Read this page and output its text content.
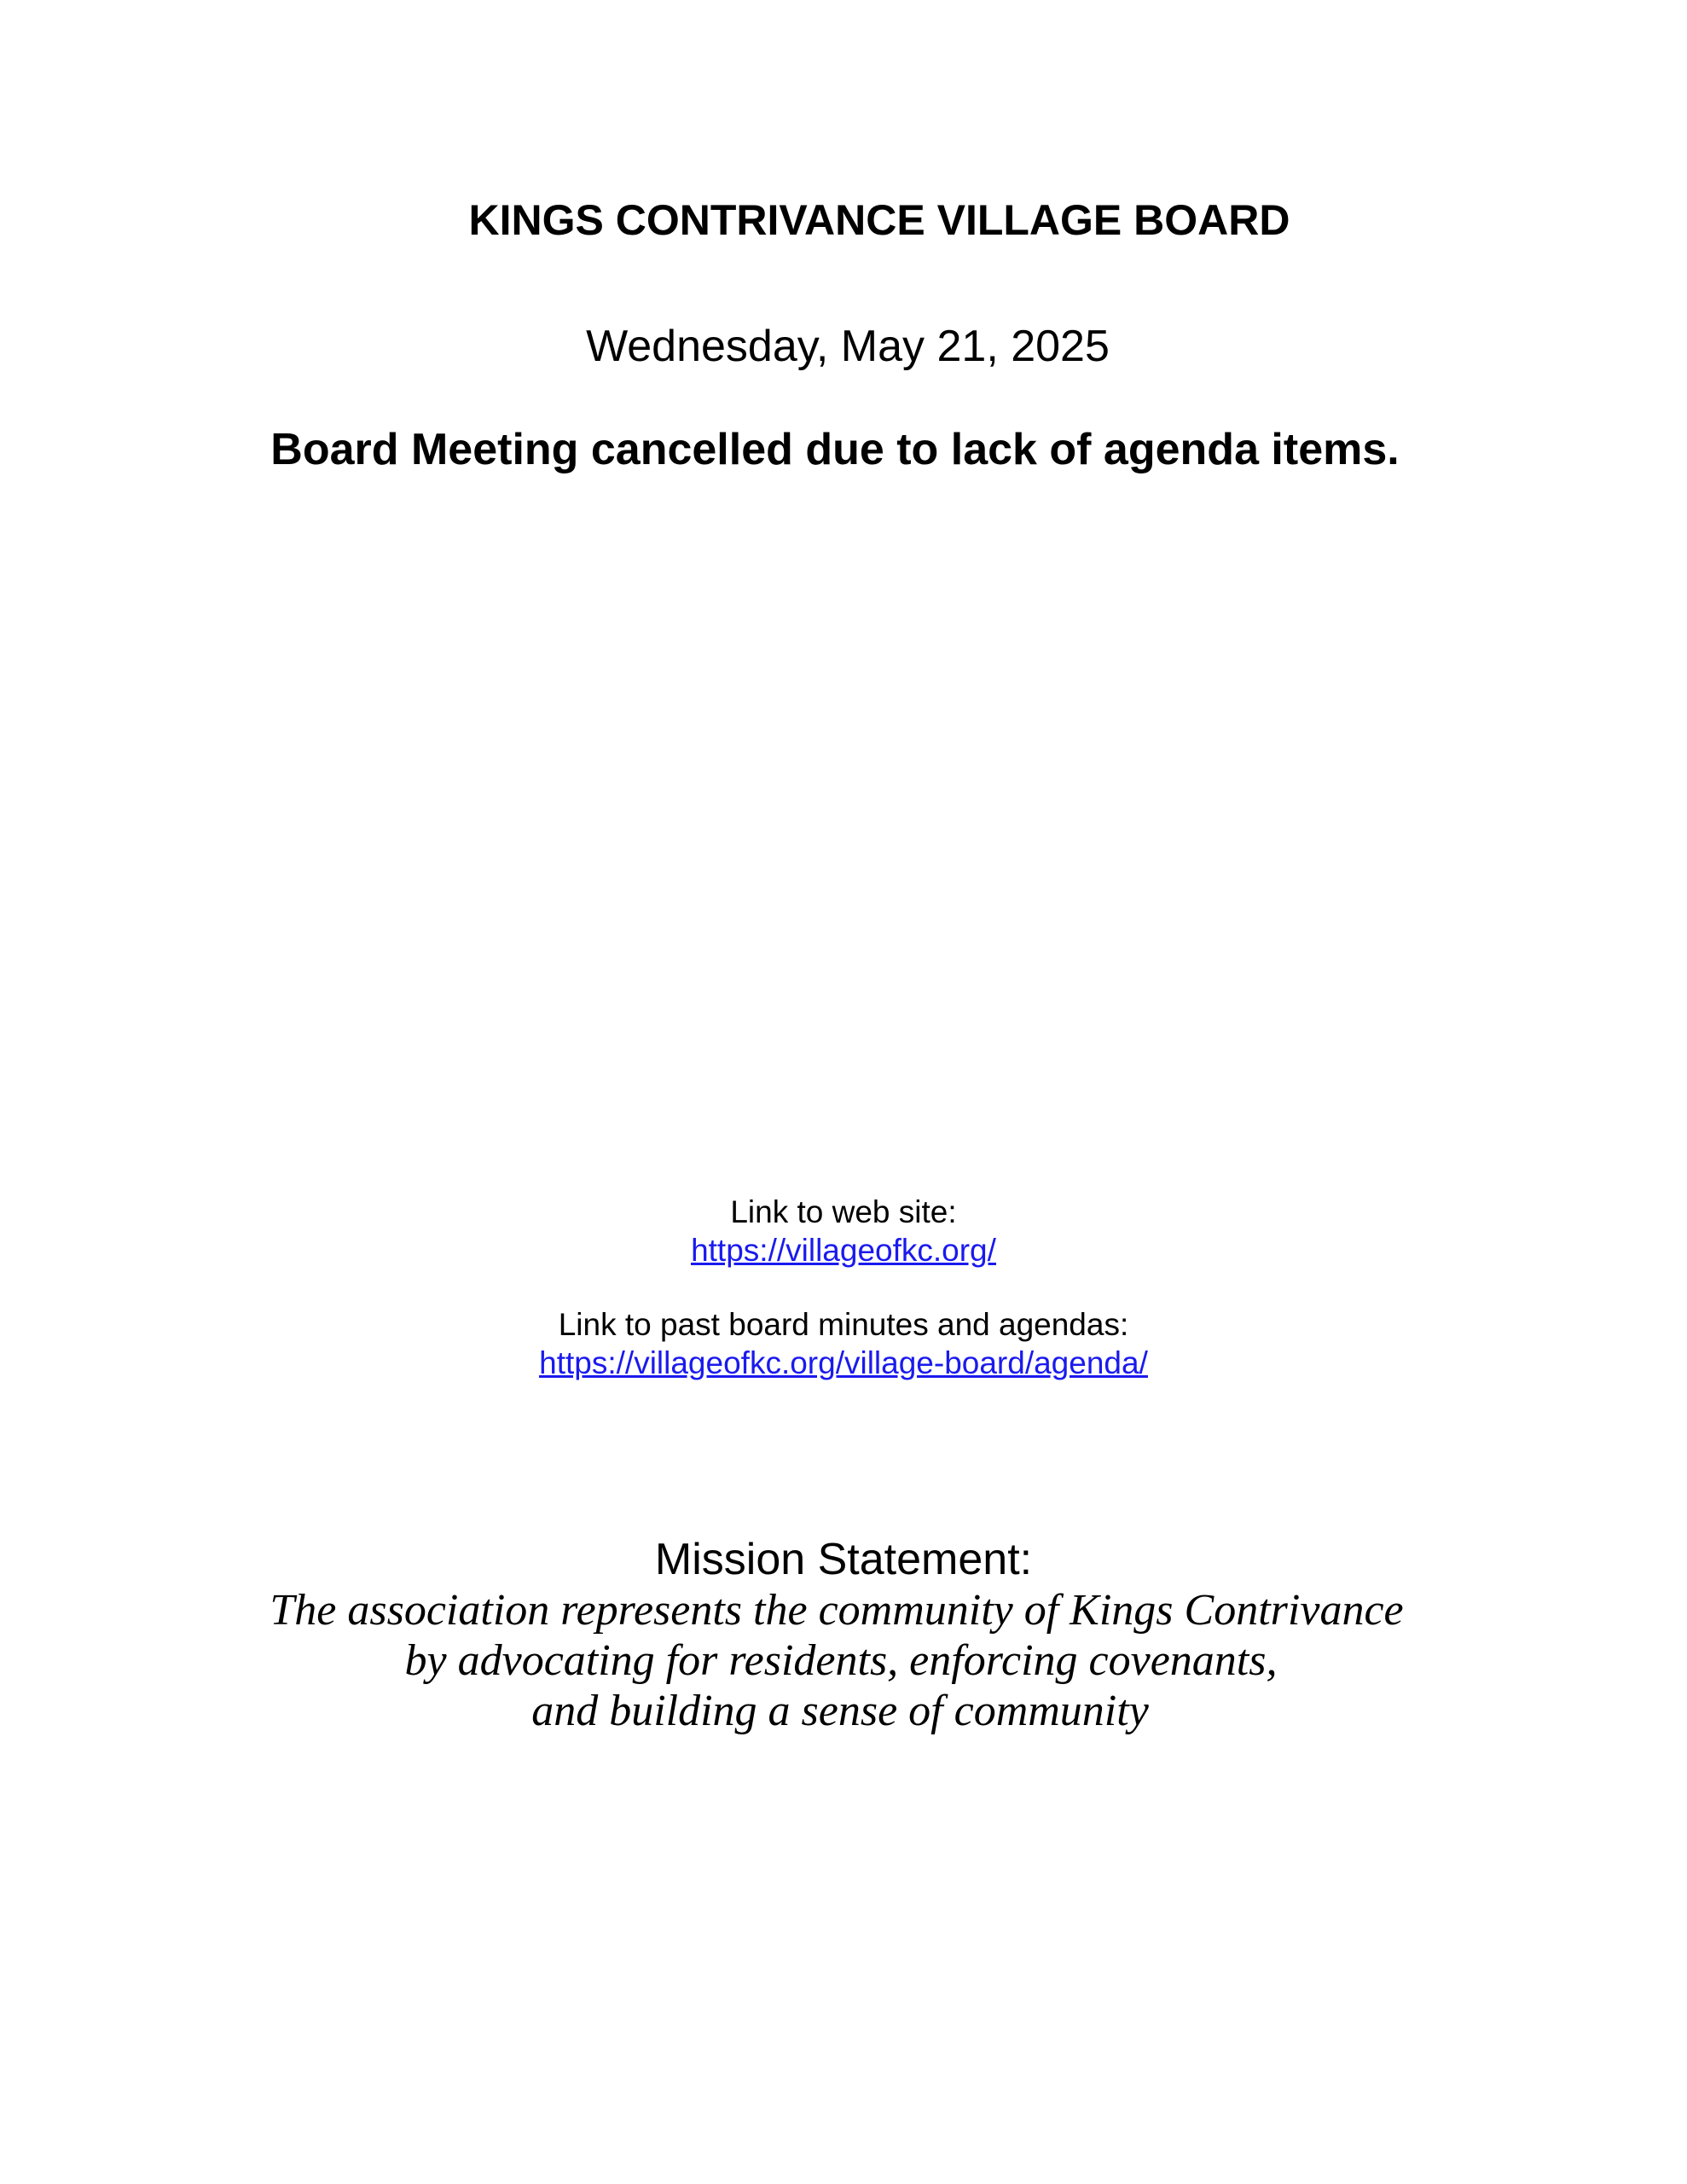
KINGS CONTRIVANCE VILLAGE BOARD

Wednesday, May 21, 2025

Board Meeting cancelled due to lack of agenda items.

Link to web site:

https://villageofkc.org/

Link to past board minutes and agendas:

https://villageofkc.org/village-board/agenda/

Mission Statement:

The association represents the community of Kings Contrivance

by advocating for residents, enforcing covenants,

and building a sense of community
